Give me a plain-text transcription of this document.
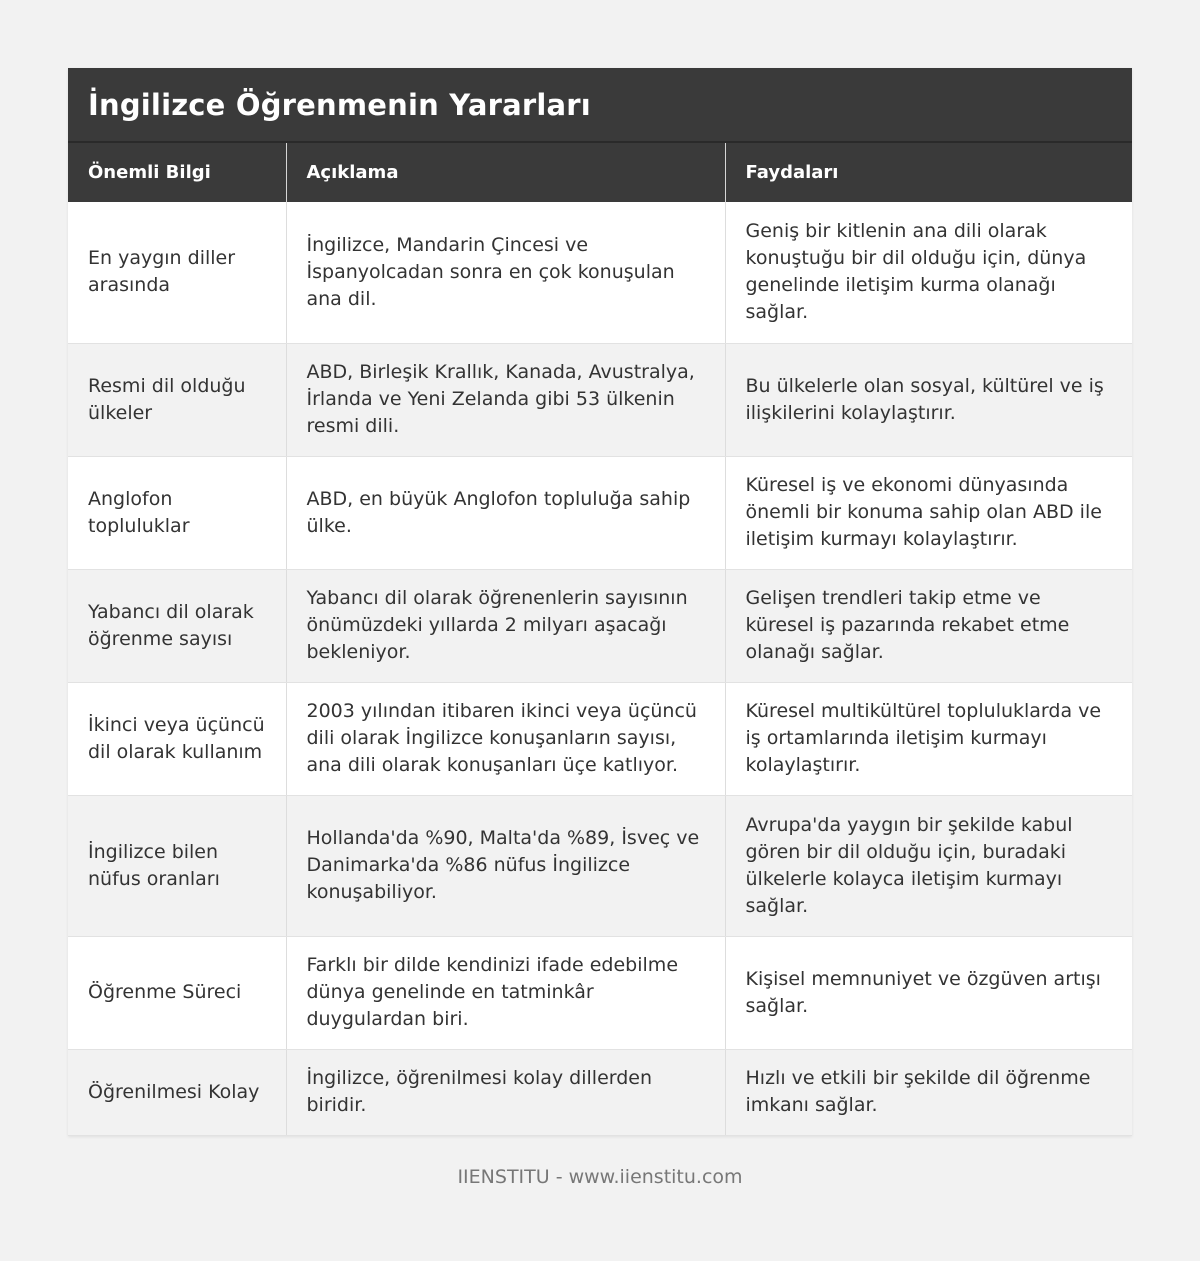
İngilizce Öğrenmenin Yararları
Önemli Bilgi	Açıklama	Faydaları
En yaygın diller arasında	İngilizce, Mandarin Çincesi ve İspanyolcadan sonra en çok konuşulan ana dil.	Geniş bir kitlenin ana dili olarak konuştuğu bir dil olduğu için, dünya genelinde iletişim kurma olanağı sağlar.
Resmi dil olduğu ülkeler	ABD, Birleşik Krallık, Kanada, Avustralya, İrlanda ve Yeni Zelanda gibi 53 ülkenin resmi dili.	Bu ülkelerle olan sosyal, kültürel ve iş ilişkilerini kolaylaştırır.
Anglofon topluluklar	ABD, en büyük Anglofon topluluğa sahip ülke.	Küresel iş ve ekonomi dünyasında önemli bir konuma sahip olan ABD ile iletişim kurmayı kolaylaştırır.
Yabancı dil olarak öğrenme sayısı	Yabancı dil olarak öğrenenlerin sayısının önümüzdeki yıllarda 2 milyarı aşacağı bekleniyor.	Gelişen trendleri takip etme ve küresel iş pazarında rekabet etme olanağı sağlar.
İkinci veya üçüncü dil olarak kullanım	2003 yılından itibaren ikinci veya üçüncü dili olarak İngilizce konuşanların sayısı, ana dili olarak konuşanları üçe katlıyor.	Küresel multikültürel topluluklarda ve iş ortamlarında iletişim kurmayı kolaylaştırır.
İngilizce bilen nüfus oranları	Hollanda'da %90, Malta'da %89, İsveç ve Danimarka'da %86 nüfus İngilizce konuşabiliyor.	Avrupa'da yaygın bir şekilde kabul gören bir dil olduğu için, buradaki ülkelerle kolayca iletişim kurmayı sağlar.
Öğrenme Süreci	Farklı bir dilde kendinizi ifade edebilme dünya genelinde en tatminkâr duygulardan biri.	Kişisel memnuniyet ve özgüven artışı sağlar.
Öğrenilmesi Kolay	İngilizce, öğrenilmesi kolay dillerden biridir.	Hızlı ve etkili bir şekilde dil öğrenme imkanı sağlar.
IIENSTITU - www.iienstitu.com
